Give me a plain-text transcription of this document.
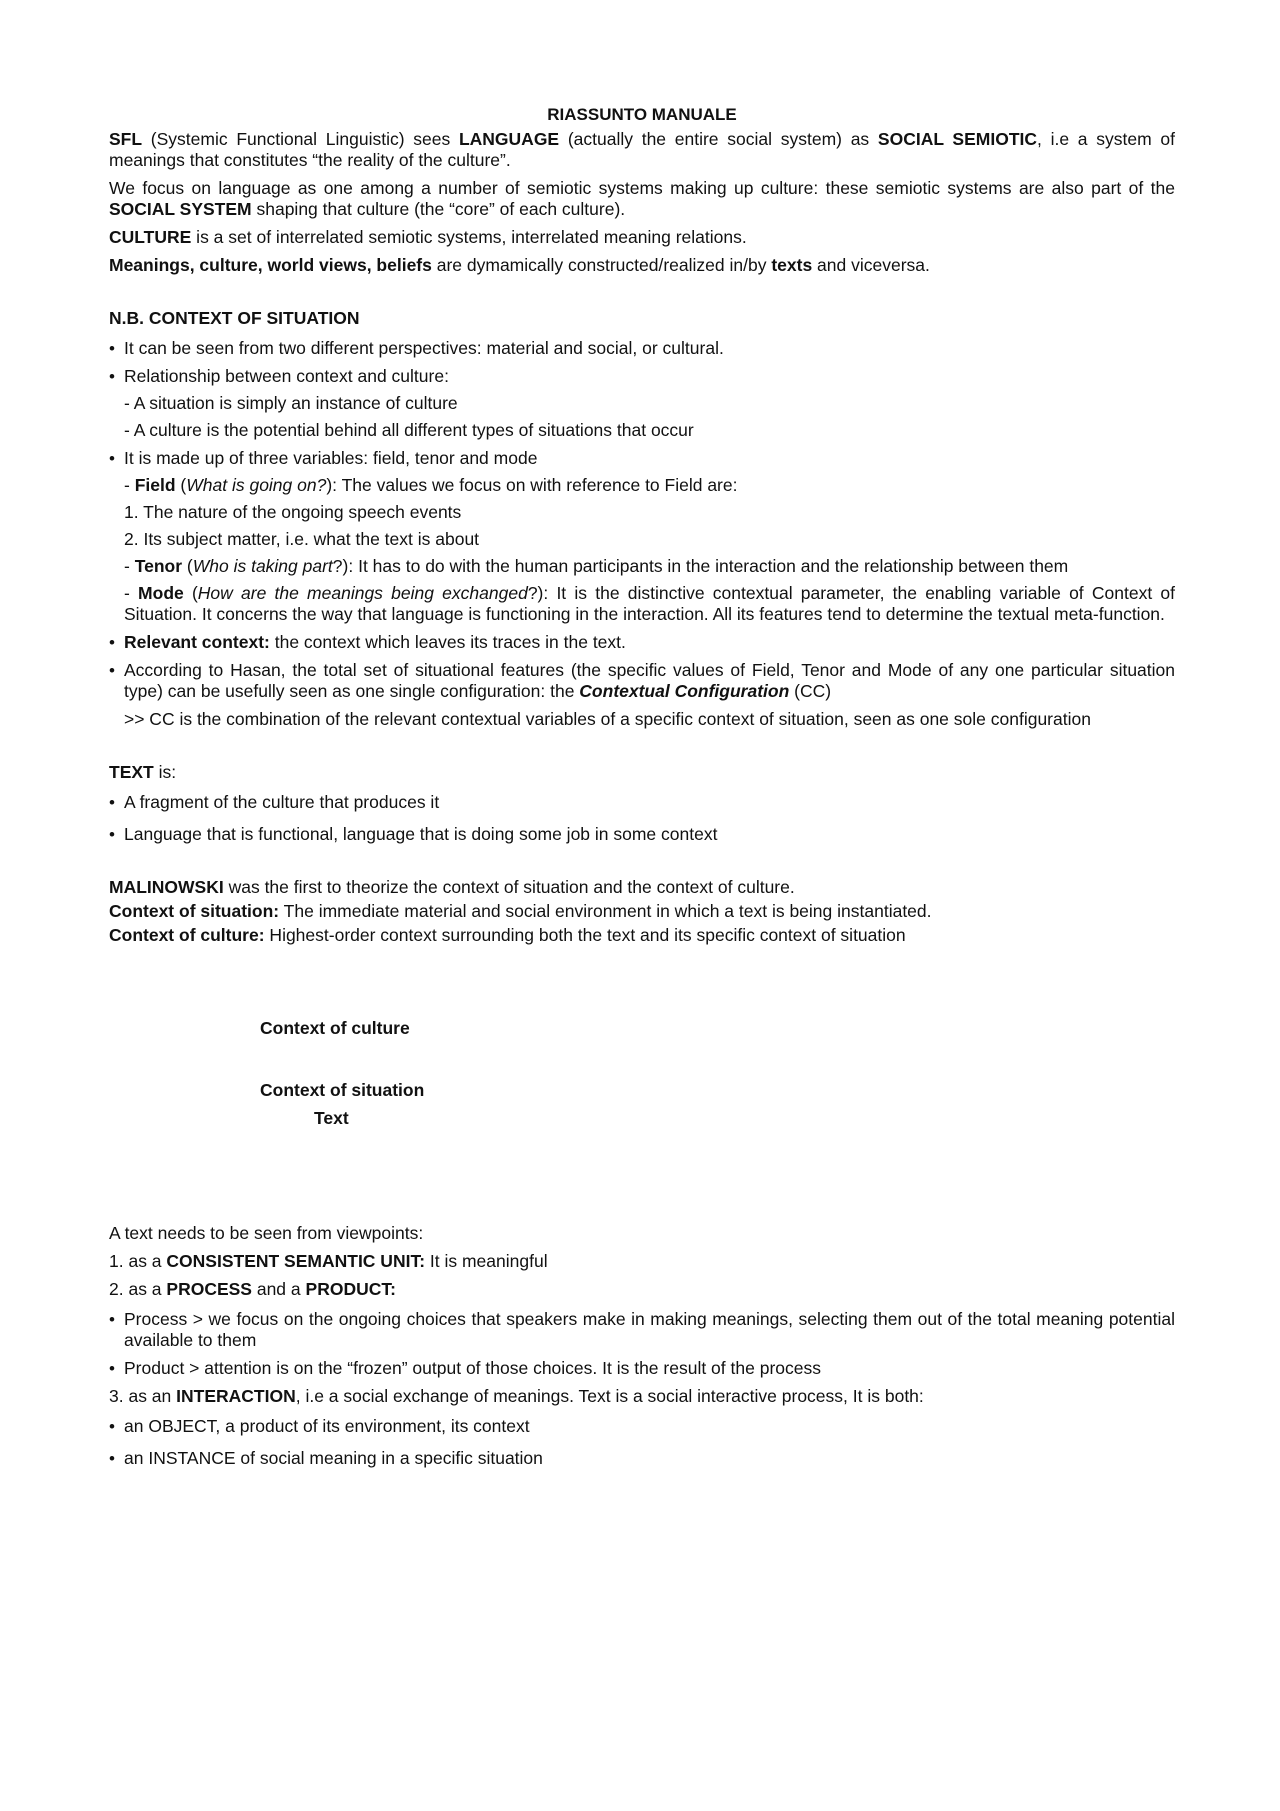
RIASSUNTO MANUALE

SFL (Systemic Functional Linguistic) sees LANGUAGE (actually the entire social system) as SOCIAL SEMIOTIC, i.e a system of meanings that constitutes “the reality of the culture”.

We focus on language as one among a number of semiotic systems making up culture: these semiotic systems are also part of the SOCIAL SYSTEM shaping that culture (the “core” of each culture).

CULTURE is a set of interrelated semiotic systems, interrelated meaning relations.

Meanings, culture, world views, beliefs are dymamically constructed/realized in/by texts and viceversa.

N.B. CONTEXT OF SITUATION
• It can be seen from two different perspectives: material and social, or cultural.
• Relationship between context and culture:
- A situation is simply an instance of culture
- A culture is the potential behind all different types of situations that occur
• It is made up of three variables: field, tenor and mode
- Field (What is going on?): The values we focus on with reference to Field are:
1. The nature of the ongoing speech events
2. Its subject matter, i.e. what the text is about
- Tenor (Who is taking part?): It has to do with the human participants in the interaction and the relationship between them
- Mode (How are the meanings being exchanged?): It is the distinctive contextual parameter, the enabling variable of Context of Situation. It concerns the way that language is functioning in the interaction. All its features tend to determine the textual meta-function.
• Relevant context: the context which leaves its traces in the text.
• According to Hasan, the total set of situational features (the specific values of Field, Tenor and Mode of any one particular situation type) can be usefully seen as one single configuration: the Contextual Configuration (CC)
>> CC is the combination of the relevant contextual variables of a specific context of situation, seen as one sole configuration
TEXT is:
• A fragment of the culture that produces it
• Language that is functional, language that is doing some job in some context

MALINOWSKI was the first to theorize the context of situation and the context of culture.

Context of situation: The immediate material and social environment in which a text is being instantiated.

Context of culture: Highest-order context surrounding both the text and its specific context of situation

Context of culture
Context of situation
Text

A text needs to be seen from viewpoints:

1. as a CONSISTENT SEMANTIC UNIT: It is meaningful

2. as a PROCESS and a PRODUCT:

• Process > we focus on the ongoing choices that speakers make in making meanings, selecting them out of the total meaning potential available to them
• Product > attention is on the “frozen” output of those choices. It is the result of the process

3. as an INTERACTION, i.e a social exchange of meanings. Text is a social interactive process, It is both:

• an OBJECT, a product of its environment, its context
• an INSTANCE of social meaning in a specific situation
